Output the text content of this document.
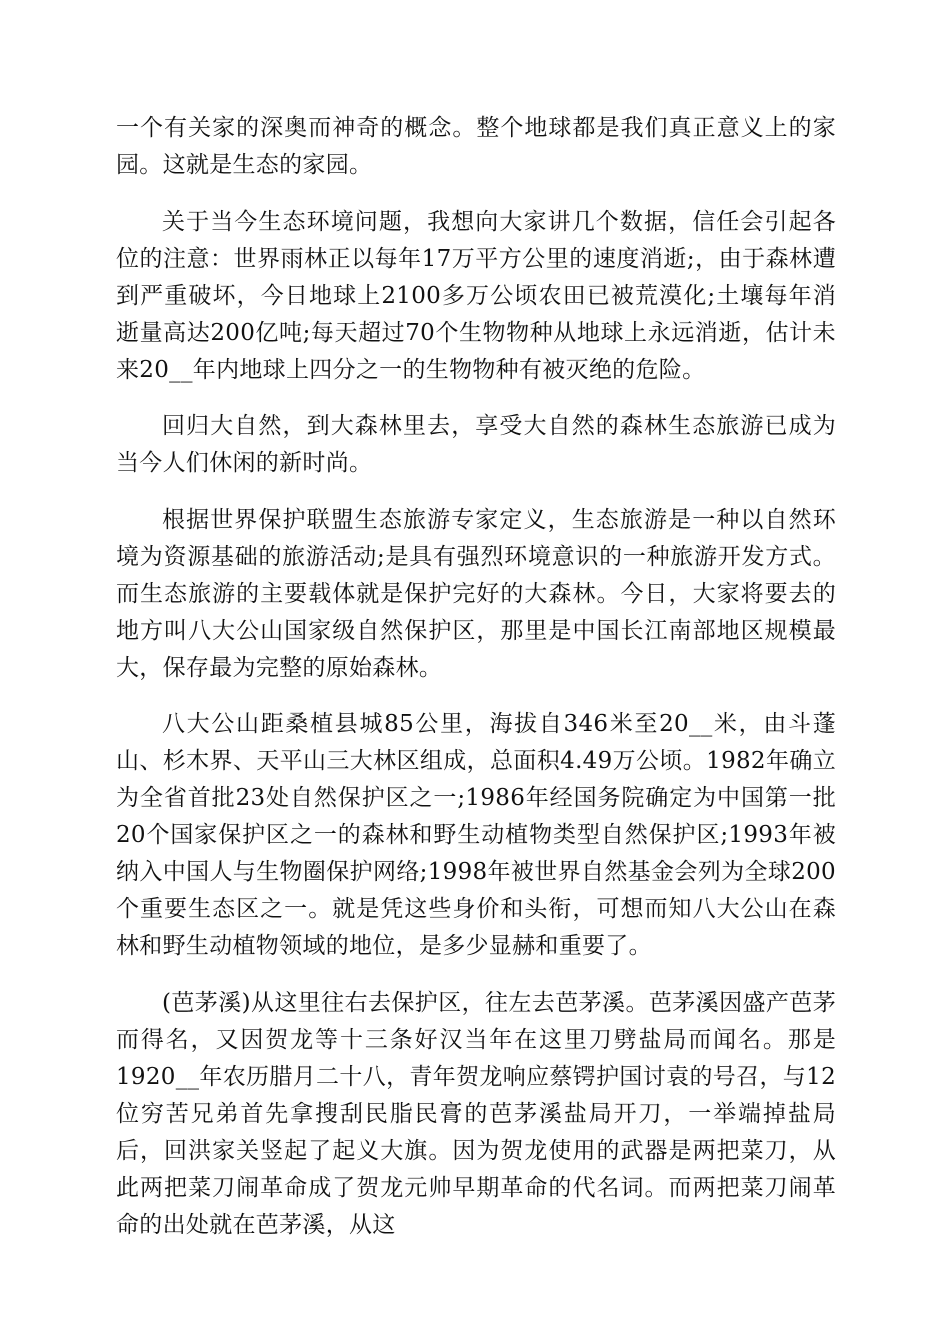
一个有关家的深奥而神奇的概念。整个地球都是我们真正意义上的家园。这就是生态的家园。

关于当今生态环境问题，我想向大家讲几个数据，信任会引起各位的注意：世界雨林正以每年17万平方公里的速度消逝;，由于森林遭到严重破坏，今日地球上2100多万公顷农田已被荒漠化;土壤每年消逝量高达200亿吨;每天超过70个生物物种从地球上永远消逝，估计未来20__年内地球上四分之一的生物物种有被灭绝的危险。

回归大自然，到大森林里去，享受大自然的森林生态旅游已成为当今人们休闲的新时尚。

根据世界保护联盟生态旅游专家定义，生态旅游是一种以自然环境为资源基础的旅游活动;是具有强烈环境意识的一种旅游开发方式。而生态旅游的主要载体就是保护完好的大森林。今日，大家将要去的地方叫八大公山国家级自然保护区，那里是中国长江南部地区规模最大，保存最为完整的原始森林。

八大公山距桑植县城85公里，海拔自346米至20__米，由斗蓬山、杉木界、天平山三大林区组成，总面积4.49万公顷。1982年确立为全省首批23处自然保护区之一;1986年经国务院确定为中国第一批20个国家保护区之一的森林和野生动植物类型自然保护区;1993年被纳入中国人与生物圈保护网络;1998年被世界自然基金会列为全球200个重要生态区之一。就是凭这些身价和头衔，可想而知八大公山在森林和野生动植物领域的地位，是多少显赫和重要了。

(芭茅溪)从这里往右去保护区，往左去芭茅溪。芭茅溪因盛产芭茅而得名，又因贺龙等十三条好汉当年在这里刀劈盐局而闻名。那是1920__年农历腊月二十八，青年贺龙响应蔡锷护国讨袁的号召，与12位穷苦兄弟首先拿搜刮民脂民膏的芭茅溪盐局开刀，一举端掉盐局后，回洪家关竖起了起义大旗。因为贺龙使用的武器是两把菜刀，从此两把菜刀闹革命成了贺龙元帅早期革命的代名词。而两把菜刀闹革命的出处就在芭茅溪，从这
